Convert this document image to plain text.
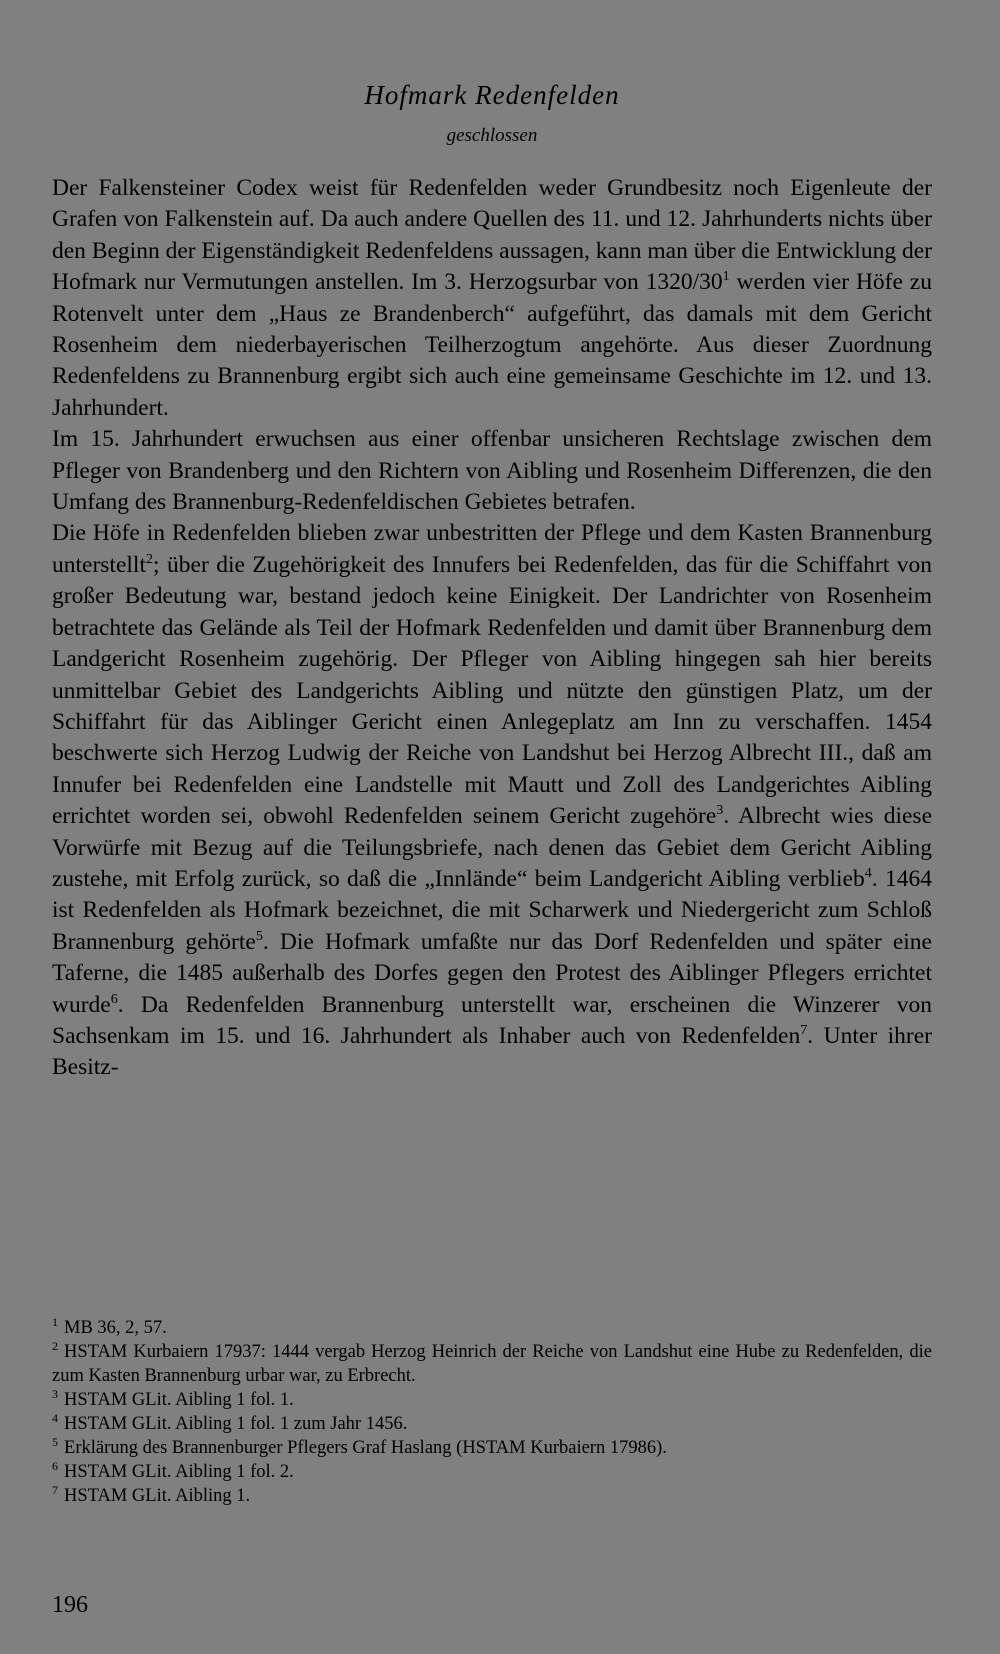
Hofmark Redenfelden
geschlossen

Der Falkensteiner Codex weist für Redenfelden weder Grundbesitz noch Eigenleute der Grafen von Falkenstein auf. Da auch andere Quellen des 11. und 12. Jahrhunderts nichts über den Beginn der Eigenständigkeit Redenfeldens aussagen, kann man über die Entwicklung der Hofmark nur Vermutungen anstellen. Im 3. Herzogsurbar von 1320/30$^1$ werden vier Höfe zu Rotenvelt unter dem „Haus ze Brandenberch“ aufgeführt, das damals mit dem Gericht Rosenheim dem niederbayerischen Teilherzogtum angehörte. Aus dieser Zuordnung Redenfeldens zu Brannenburg ergibt sich auch eine gemeinsame Geschichte im 12. und 13. Jahrhundert.

Im 15. Jahrhundert erwuchsen aus einer offenbar unsicheren Rechtslage zwischen dem Pfleger von Brandenberg und den Richtern von Aibling und Rosenheim Differenzen, die den Umfang des Brannenburg-Redenfeldischen Gebietes betrafen.

Die Höfe in Redenfelden blieben zwar unbestritten der Pflege und dem Kasten Brannenburg unterstellt$^2$; über die Zugehörigkeit des Innufers bei Redenfelden, das für die Schiffahrt von großer Bedeutung war, bestand jedoch keine Einigkeit. Der Landrichter von Rosenheim betrachtete das Gelände als Teil der Hofmark Redenfelden und damit über Brannenburg dem Landgericht Rosenheim zugehörig. Der Pfleger von Aibling hingegen sah hier bereits unmittelbar Gebiet des Landgerichts Aibling und nützte den günstigen Platz, um der Schiffahrt für das Aiblinger Gericht einen Anlegeplatz am Inn zu verschaffen. 1454 beschwerte sich Herzog Ludwig der Reiche von Landshut bei Herzog Albrecht III., daß am Innufer bei Redenfelden eine Landstelle mit Mautt und Zoll des Landgerichtes Aibling errichtet worden sei, obwohl Redenfelden seinem Gericht zugehöre$^3$. Albrecht wies diese Vorwürfe mit Bezug auf die Teilungsbriefe, nach denen das Gebiet dem Gericht Aibling zustehe, mit Erfolg zurück, so daß die „Innlände“ beim Landgericht Aibling verblieb$^4$. 1464 ist Redenfelden als Hofmark bezeichnet, die mit Scharwerk und Niedergericht zum Schloß Brannenburg gehörte$^5$. Die Hofmark umfaßte nur das Dorf Redenfelden und später eine Taferne, die 1485 außerhalb des Dorfes gegen den Protest des Aiblinger Pflegers errichtet wurde$^6$. Da Redenfelden Brannenburg unterstellt war, erscheinen die Winzerer von Sachsenkam im 15. und 16. Jahrhundert als Inhaber auch von Redenfelden$^7$. Unter ihrer Besitz-

$^1$ MB 36, 2, 57.

$^2$ HSTAM Kurbaiern 17937: 1444 vergab Herzog Heinrich der Reiche von Landshut eine Hube zu Redenfelden, die zum Kasten Brannenburg urbar war, zu Erbrecht.

$^3$ HSTAM GLit. Aibling 1 fol. 1.

$^4$ HSTAM GLit. Aibling 1 fol. 1 zum Jahr 1456.

$^5$ Erklärung des Brannenburger Pflegers Graf Haslang (HSTAM Kurbaiern 17986).

$^6$ HSTAM GLit. Aibling 1 fol. 2.

$^7$ HSTAM GLit. Aibling 1.

196
